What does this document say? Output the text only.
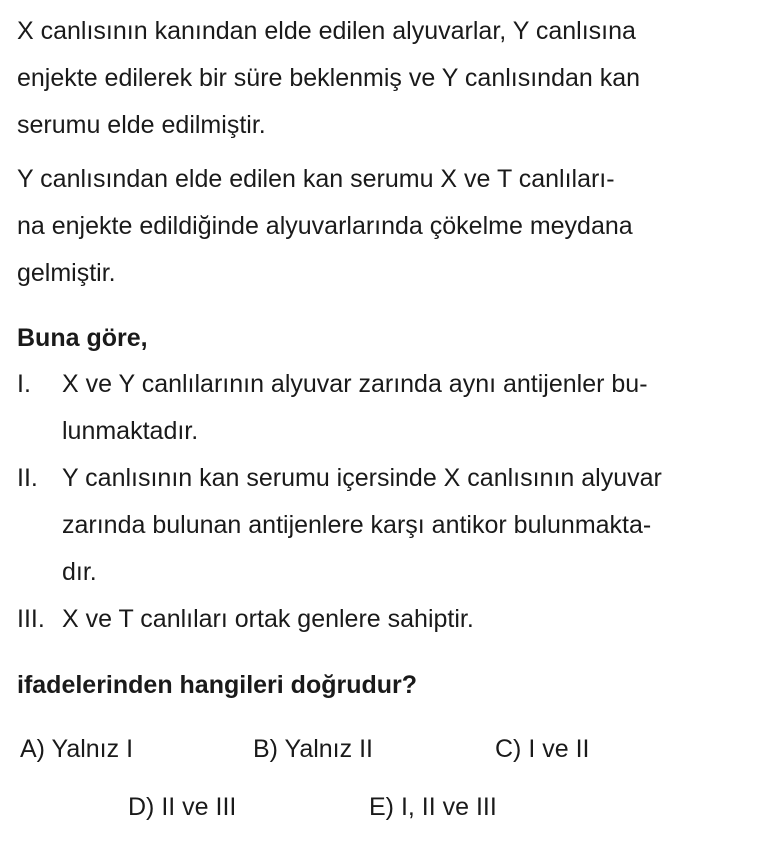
X canlısının kanından elde edilen alyuvarlar, Y canlısına
enjekte edilerek bir süre beklenmiş ve Y canlısından kan
serumu elde edilmiştir.

Y canlısından elde edilen kan serumu X ve T canlıları-
na enjekte edildiğinde alyuvarlarında çökelme meydana
gelmiştir.

Buna göre,

I. X ve Y canlılarının alyuvar zarında aynı antijenler bu-
lunmaktadır.
II. Y canlısının kan serumu içersinde X canlısının alyuvar
zarında bulunan antijenlere karşı antikor bulunmakta-
dır.
III. X ve T canlıları ortak genlere sahiptir.

ifadelerinden hangileri doğrudur?

A) Yalnız I	B) Yalnız II	C) I ve II
D) II ve III	E) I, II ve III
